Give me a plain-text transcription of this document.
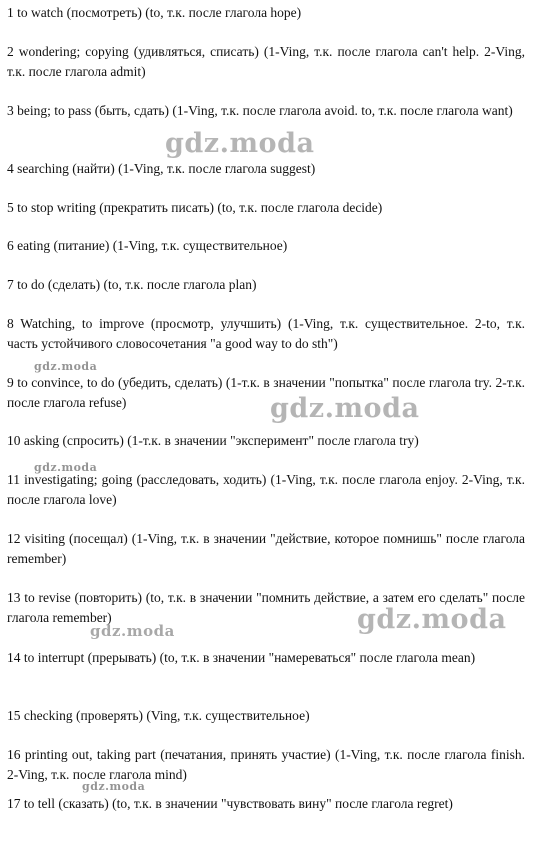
1 to watch (посмотреть) (to, т.к. после глагола hope)

2 wondering; copying (удивляться, списать) (1-Ving, т.к. после глагола can't help. 2-Ving, т.к. после глагола admit)

3 being; to pass (быть, сдать) (1-Ving, т.к. после глагола avoid. to, т.к. после глагола want)

4 searching (найти) (1-Ving, т.к. после глагола suggest)

5 to stop writing (прекратить писать) (to, т.к. после глагола decide)

6 eating (питание) (1-Ving, т.к. существительное)

7 to do (сделать) (to, т.к. после глагола plan)

8 Watching, to improve (просмотр, улучшить) (1-Ving, т.к. существительное. 2-to, т.к. часть устойчивого словосочетания "a good way to do sth")

9 to convince, to do (убедить, сделать) (1-т.к. в значении "попытка" после глагола try. 2-т.к. после глагола refuse)

10 asking (спросить) (1-т.к. в значении "эксперимент" после глагола try)

11 investigating; going (расследовать, ходить) (1-Ving, т.к. после глагола enjoy. 2-Ving, т.к. после глагола love)

12 visiting (посещал) (1-Ving, т.к. в значении "действие, которое помнишь" после глагола remember)

13 to revise (повторить) (to, т.к. в значении "помнить действие, а затем его сделать" после глагола remember)

14 to interrupt (прерывать) (to, т.к. в значении "намереваться" после глагола mean)

15 checking (проверять) (Ving, т.к. существительное)

16 printing out, taking part (печатания, принять участие) (1-Ving, т.к. после глагола finish. 2-Ving, т.к. после глагола mind)

17 to tell (сказать) (to, т.к. в значении "чувствовать вину" после глагола regret)

gdz.moda
gdz.moda
gdz.moda
gdz.moda
gdz.moda
gdz.moda
gdz.moda
